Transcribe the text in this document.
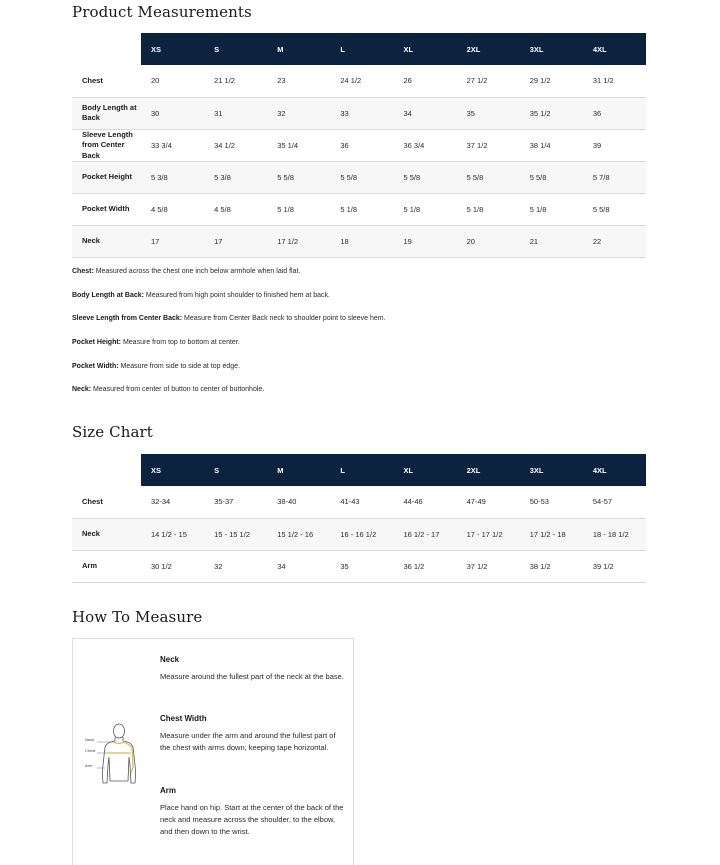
Product Measurements
	XS	S	M	L	XL	2XL	3XL	4XL
Chest	20	21 1/2	23	24 1/2	26	27 1/2	29 1/2	31 1/2
Body Length at Back	30	31	32	33	34	35	35 1/2	36
Sleeve Length from Center Back	33 3/4	34 1/2	35 1/4	36	36 3/4	37 1/2	38 1/4	39
Pocket Height	5 3/8	5 3/8	5 5/8	5 5/8	5 5/8	5 5/8	5 5/8	5 7/8
Pocket Width	4 5/8	4 5/8	5 1/8	5 1/8	5 1/8	5 1/8	5 1/8	5 5/8
Neck	17	17	17 1/2	18	19	20	21	22
Chest: Measured across the chest one inch below armhole when laid flat.
Body Length at Back: Measured from high point shoulder to finished hem at back.
Sleeve Length from Center Back: Measure from Center Back neck to shoulder point to sleeve hem.
Pocket Height: Measure from top to bottom at center.
Pocket Width: Measure from side to side at top edge.
Neck: Measured from center of button to center of buttonhole.
Size Chart
	XS	S	M	L	XL	2XL	3XL	4XL
Chest	32-34	35-37	38-40	41-43	44-46	47-49	50-53	54-57
Neck	14 1/2 - 15	15 - 15 1/2	15 1/2 - 16	16 - 16 1/2	16 1/2 - 17	17 - 17 1/2	17 1/2 - 18	18 - 18 1/2
Arm	30 1/2	32	34	35	36 1/2	37 1/2	38 1/2	39 1/2
How To Measure
Neck
Chest
Arm
Neck
Measure around the fullest part of the neck at the base.
Chest Width
Measure under the arm and around the fullest part of the chest with arms down, keeping tape horizontal.
Arm
Place hand on hip. Start at the center of the back of the neck and measure across the shoulder, to the elbow, and then down to the wrist.
